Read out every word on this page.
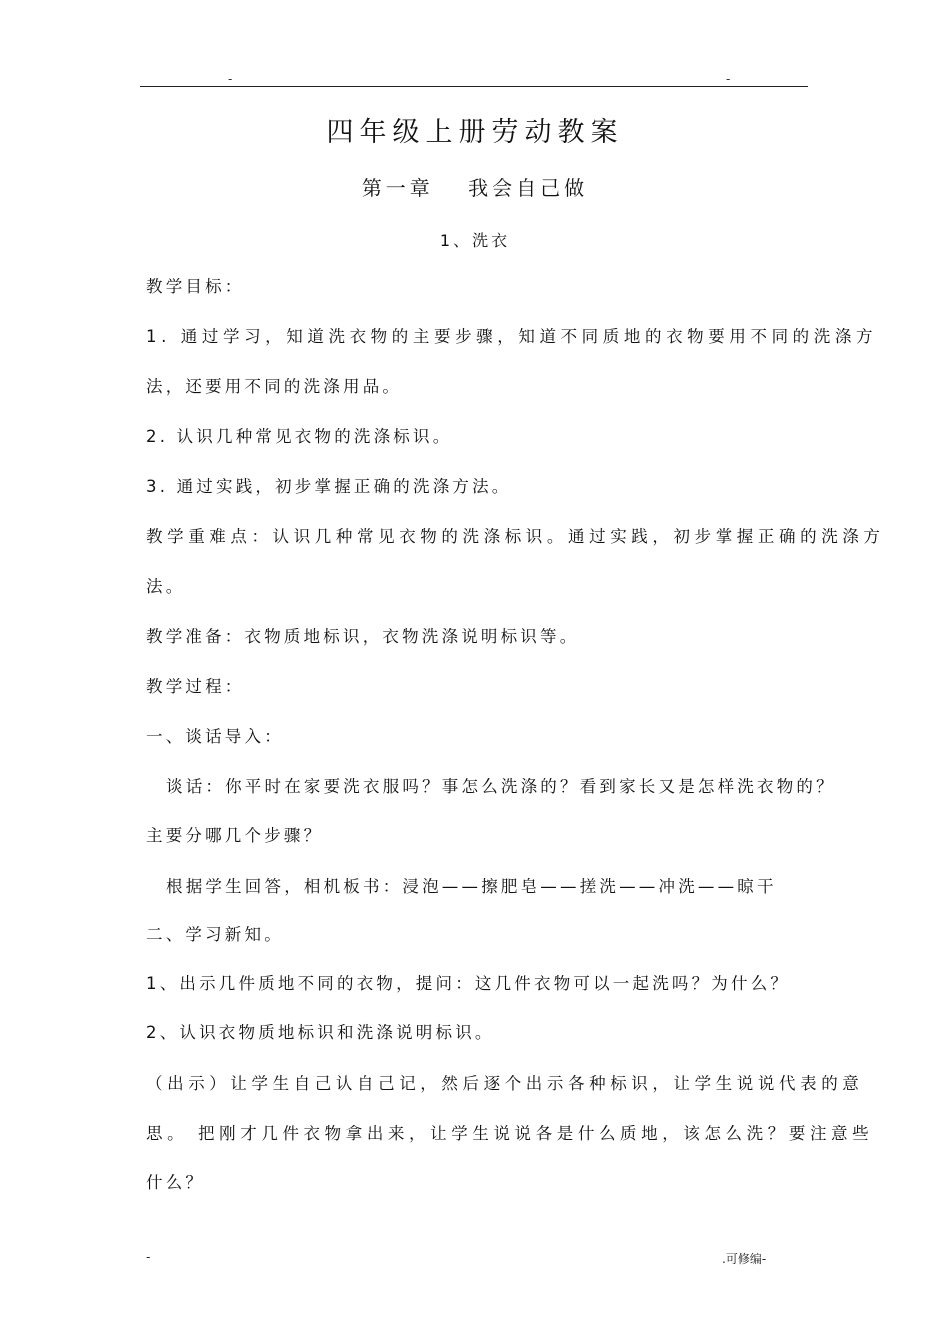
-	-
四年级上册劳动教案
第一章　 我会自己做
1、洗衣
教学目标：
1. 通过学习，知道洗衣物的主要步骤，知道不同质地的衣物要用不同的洗涤方
法，还要用不同的洗涤用品。
2. 认识几种常见衣物的洗涤标识。
3. 通过实践，初步掌握正确的洗涤方法。
教学重难点：认识几种常见衣物的洗涤标识。通过实践，初步掌握正确的洗涤方
法。
教学准备：衣物质地标识，衣物洗涤说明标识等。
教学过程：
一、谈话导入：
谈话：你平时在家要洗衣服吗？事怎么洗涤的？看到家长又是怎样洗衣物的？
主要分哪几个步骤？
根据学生回答，相机板书：浸泡——擦肥皂——搓洗——冲洗——晾干
二、学习新知。
1、出示几件质地不同的衣物，提问：这几件衣物可以一起洗吗？为什么？
2、认识衣物质地标识和洗涤说明标识。
（出示）让学生自己认自己记，然后逐个出示各种标识，让学生说说代表的意
思。 把刚才几件衣物拿出来，让学生说说各是什么质地，该怎么洗？要注意些
什么？
-	.可修编-
